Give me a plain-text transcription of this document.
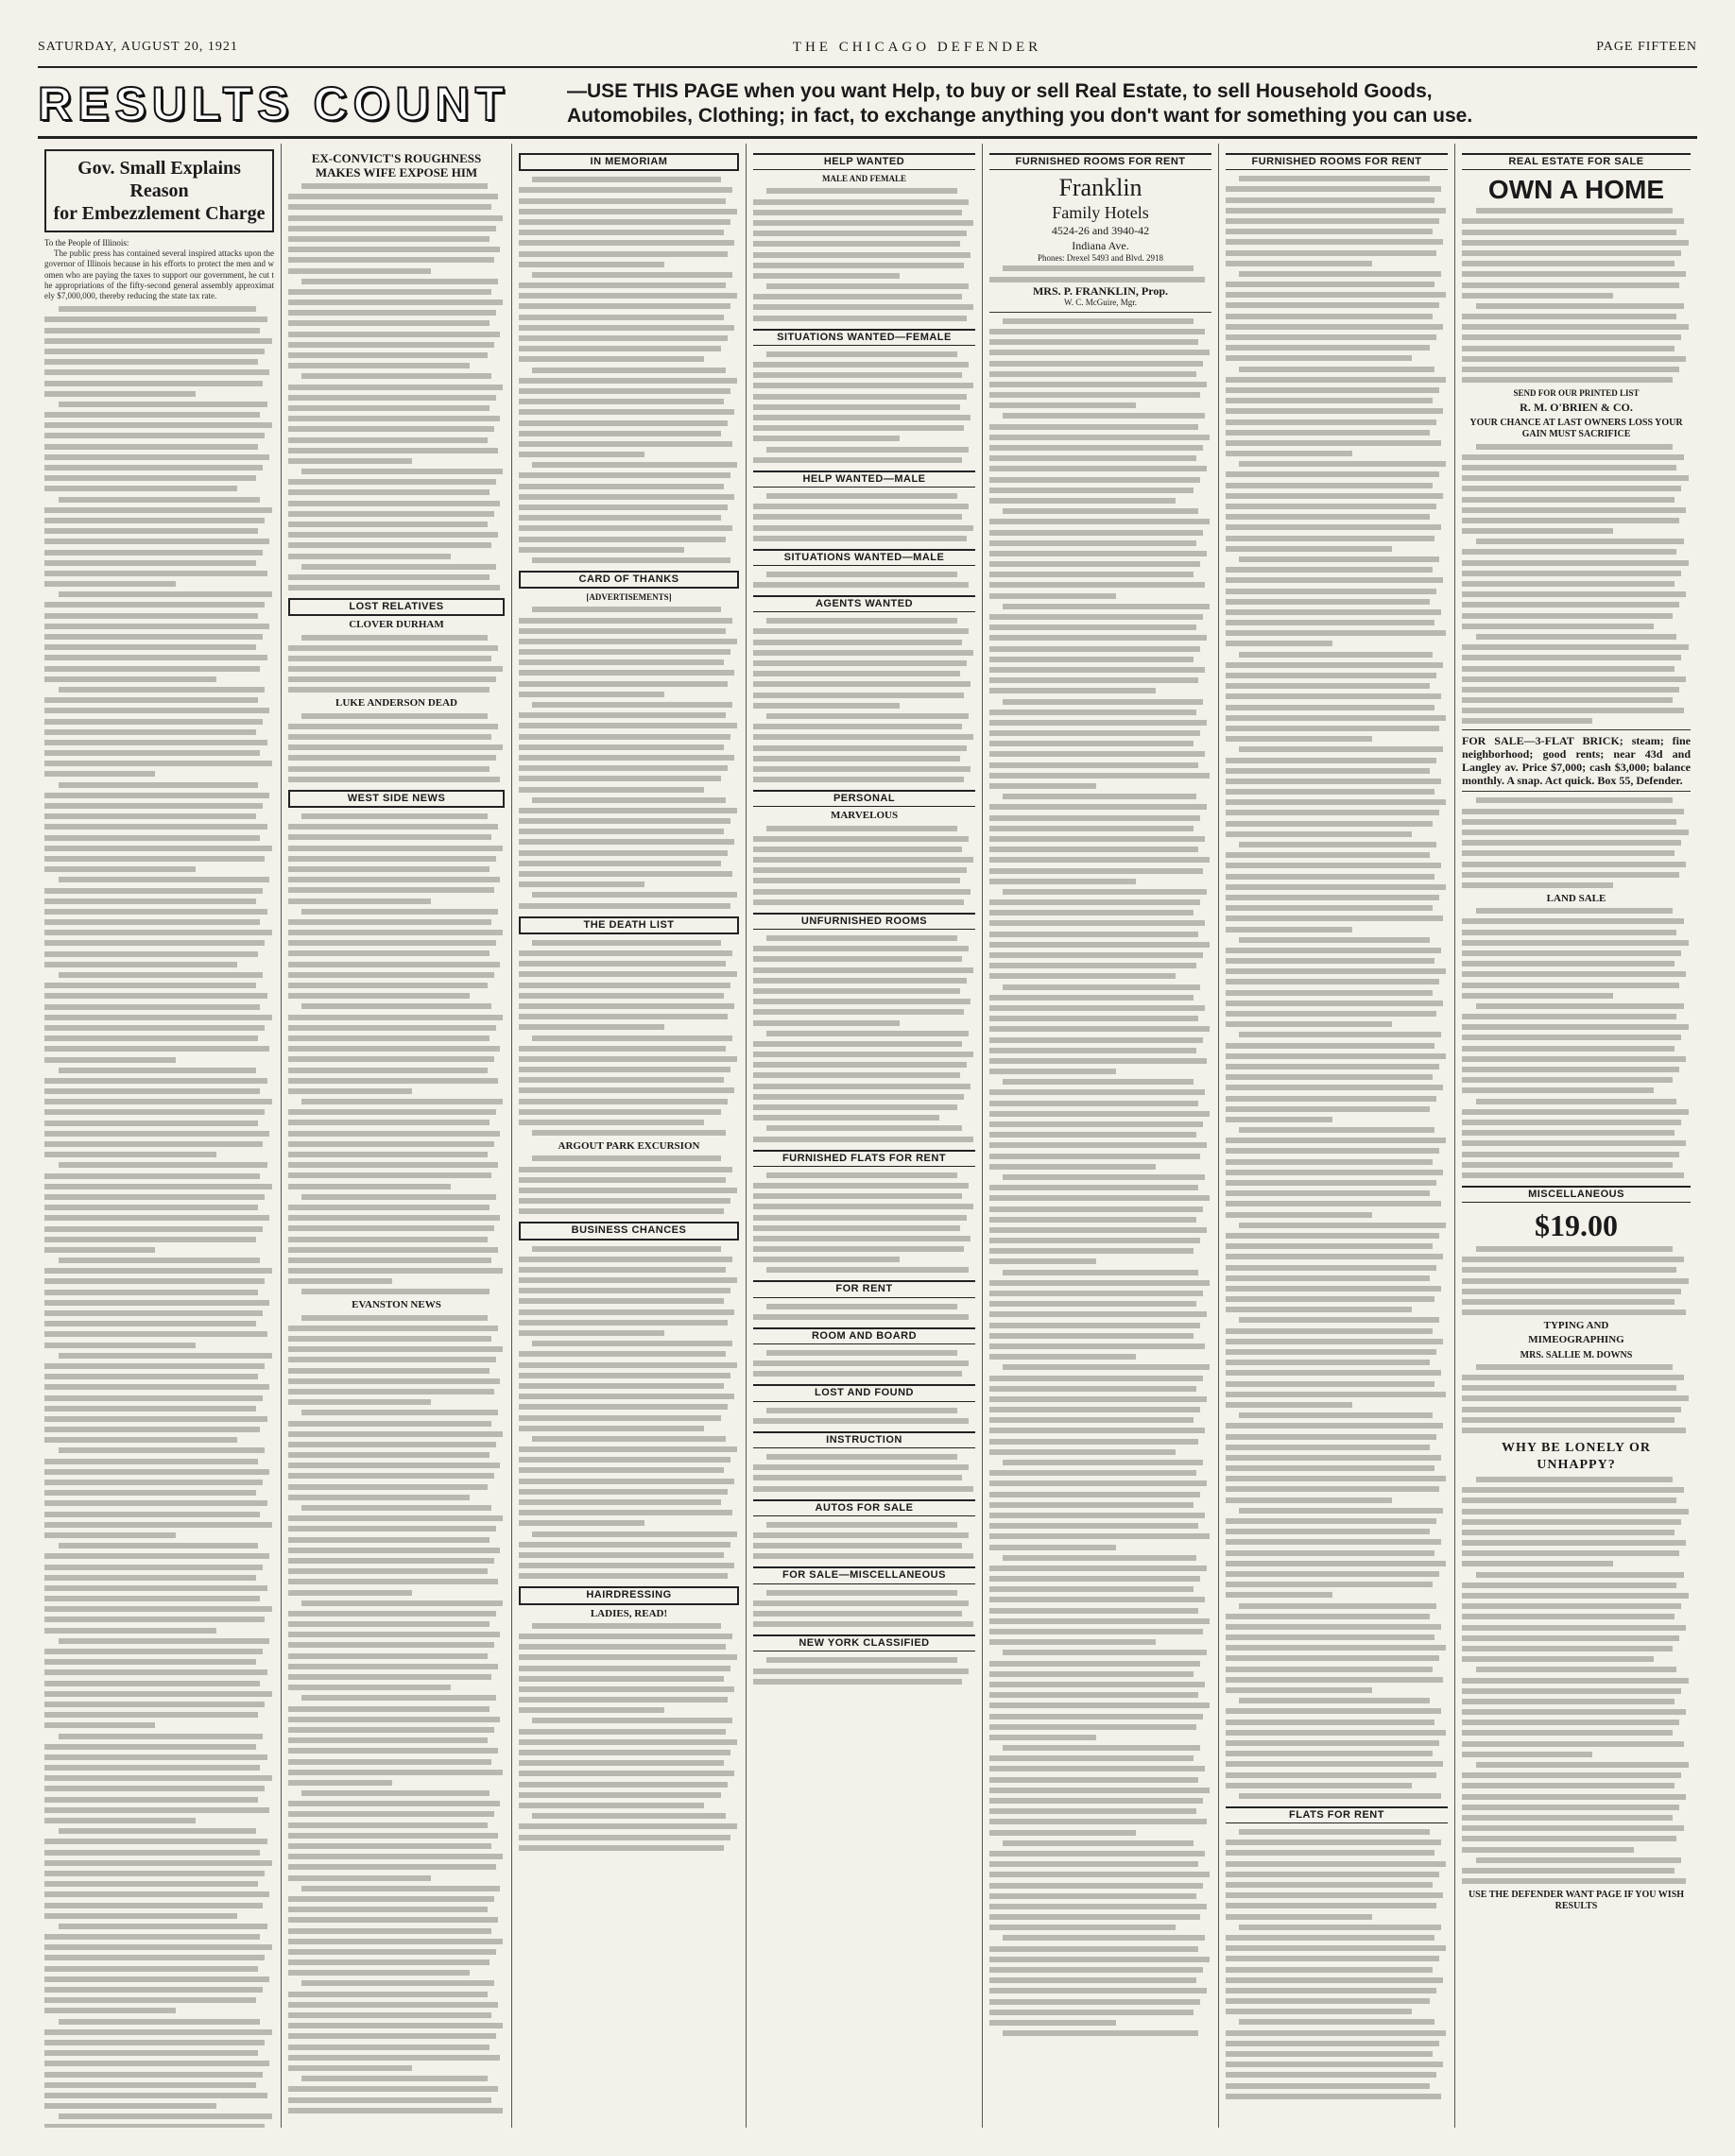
SATURDAY, AUGUST 20, 1921	THE CHICAGO DEFENDER	PAGE FIFTEEN
RESULTS COUNT	—USE THIS PAGE when you want Help, to buy or sell Real Estate, to sell Household Goods,
Automobiles, Clothing; in fact, to exchange anything you don't want for something you can use.
Gov. Small Explains Reason
for Embezzlement Charge
To the People of Illinois:

The public press has contained several inspired attacks upon the governor of Illinois because in his efforts to protect the men and women who are paying the taxes to support our government, he cut the appropriations of the fifty-second general assembly approximately $7,000,000, thereby reducing the state tax rate.

EX-CONVICT'S ROUGHNESS
MAKES WIFE EXPOSE HIM
LOST RELATIVES
CLOVER DURHAM
LUKE ANDERSON DEAD
WEST SIDE NEWS
EVANSTON NEWS
IN MEMORIAM
CARD OF THANKS
[ADVERTISEMENTS]
THE DEATH LIST
ARGOUT PARK EXCURSION
BUSINESS CHANCES
HAIRDRESSING
LADIES, READ!
HELP WANTED
MALE AND FEMALE
SITUATIONS WANTED—FEMALE
HELP WANTED—MALE
SITUATIONS WANTED—MALE
AGENTS WANTED
PERSONAL
MARVELOUS
UNFURNISHED ROOMS
FURNISHED FLATS FOR RENT
FOR RENT
ROOM AND BOARD
LOST AND FOUND
INSTRUCTION
AUTOS FOR SALE
FOR SALE—MISCELLANEOUS
NEW YORK CLASSIFIED
FURNISHED ROOMS FOR RENT
Franklin
Family Hotels
4524-26 and 3940-42
Indiana Ave.
Phones: Drexel 5493 and Blvd. 2918
MRS. P. FRANKLIN, Prop.
W. C. McGuire, Mgr.
FURNISHED ROOMS FOR RENT
FLATS FOR RENT
REAL ESTATE FOR SALE
OWN A HOME
SEND FOR OUR PRINTED LIST
R. M. O'BRIEN & CO.
YOUR CHANCE AT LAST OWNERS LOSS YOUR GAIN MUST SACRIFICE
FOR SALE—3-FLAT BRICK; steam; fine neighborhood; good rents; near 43d and Langley av. Price $7,000; cash $3,000; balance monthly. A snap. Act quick. Box 55, Defender.
LAND SALE
MISCELLANEOUS
$19.00
TYPING AND
MIMEOGRAPHING
MRS. SALLIE M. DOWNS
WHY BE LONELY OR
UNHAPPY?
USE THE DEFENDER WANT PAGE IF YOU WISH RESULTS
